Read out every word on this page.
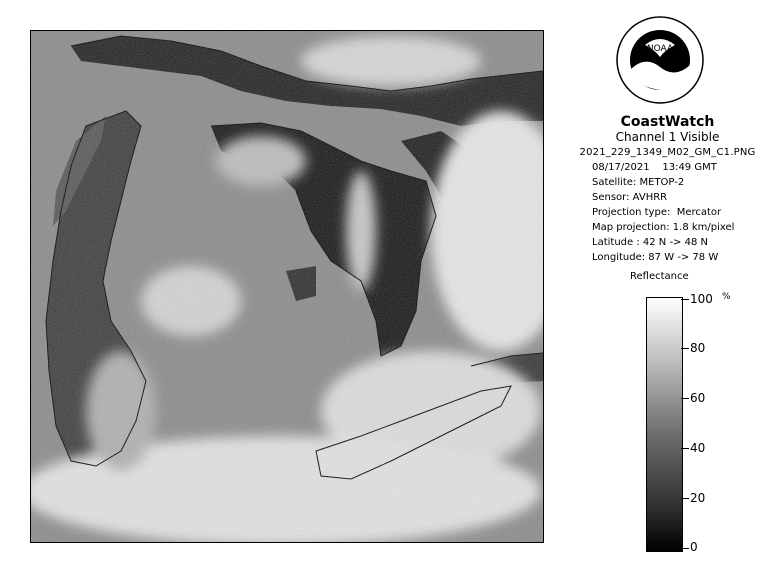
NOAA
CoastWatch
Channel 1 Visible
2021_229_1349_M02_GM_C1.PNG
08/17/2021    13:49 GMT
Satellite: METOP-2
Sensor: AVHRR
Projection type:  Mercator
Map projection: 1.8 km/pixel
Latitude : 42 N -> 48 N
Longitude: 87 W -> 78 W
Reflectance
%
100
80
60
40
20
0
